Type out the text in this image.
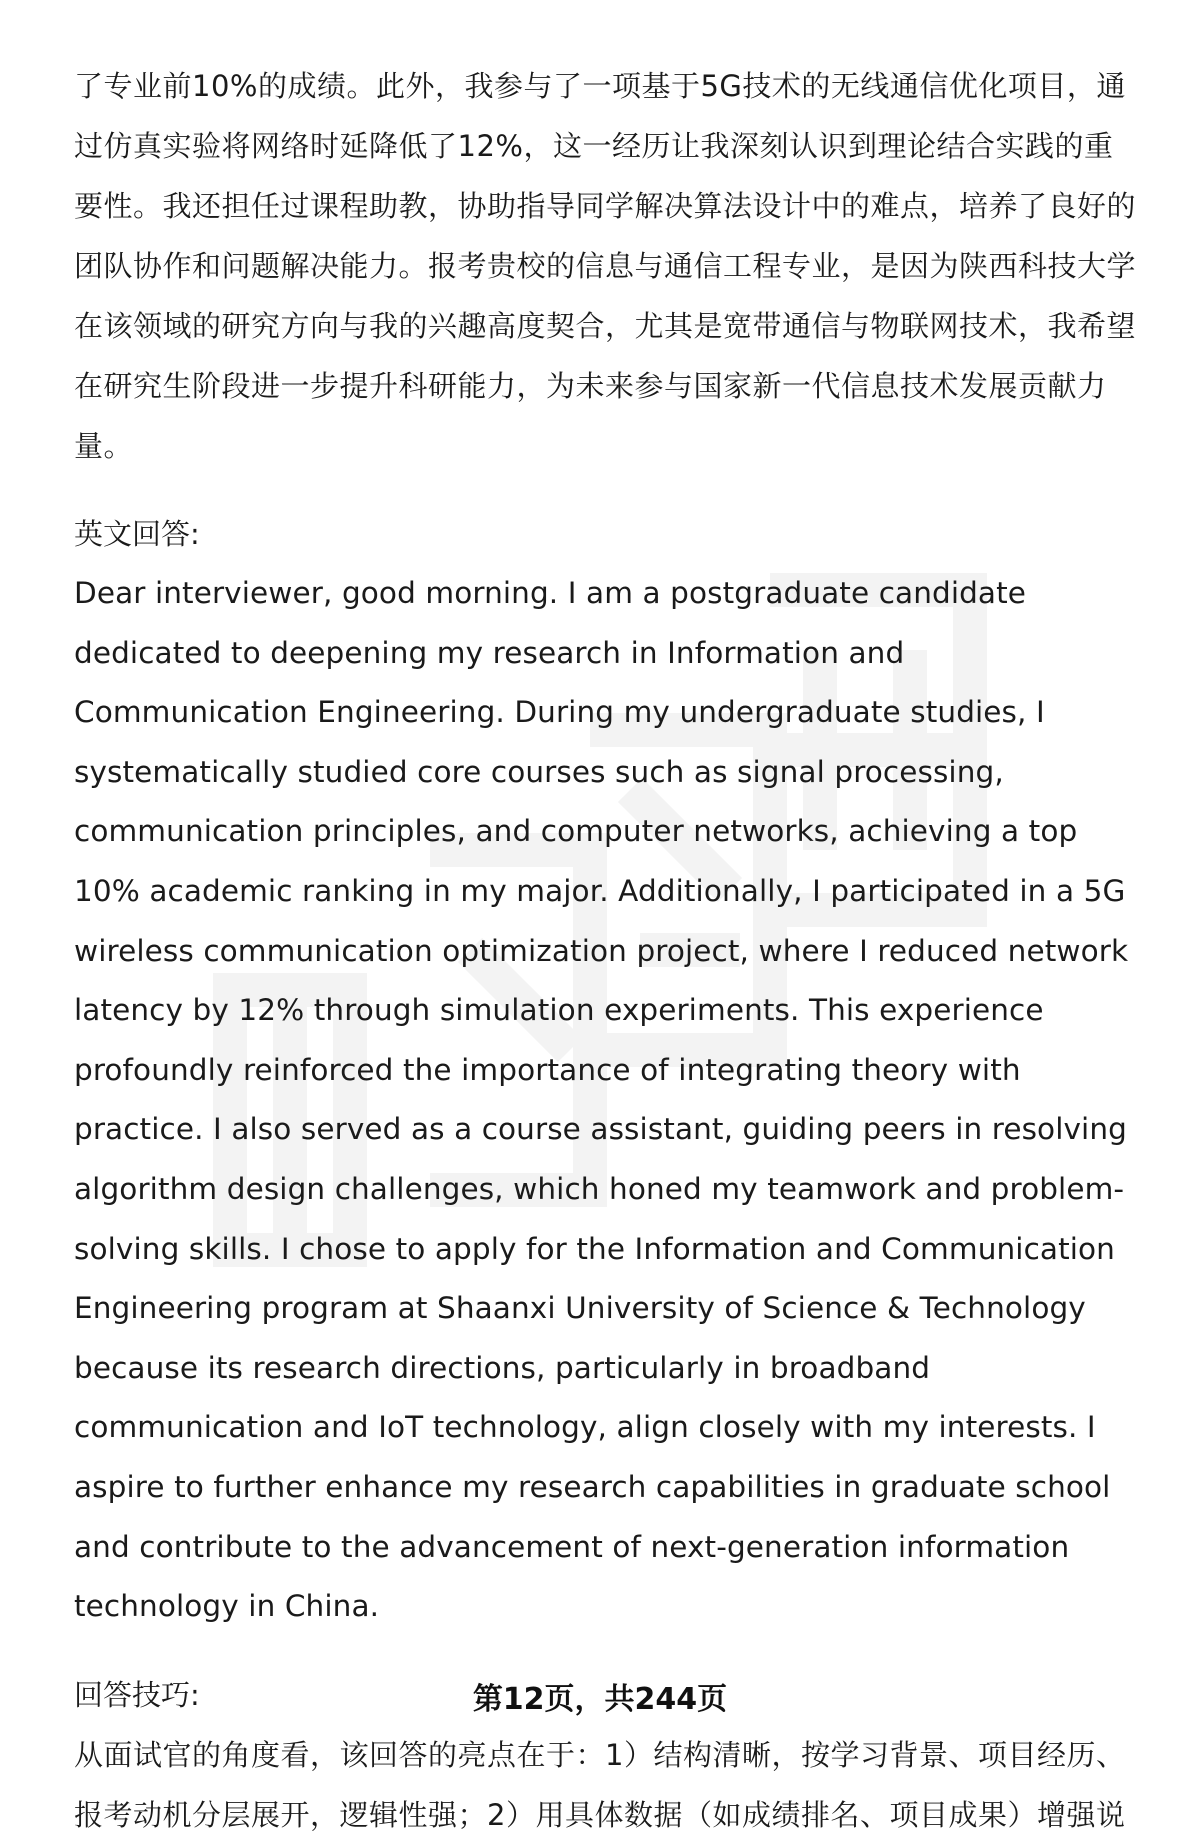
了专业前10%的成绩。此外，我参与了一项基于5G技术的无线通信优化项目，通过仿真实验将网络时延降低了12%，这一经历让我深刻认识到理论结合实践的重要性。我还担任过课程助教，协助指导同学解决算法设计中的难点，培养了良好的团队协作和问题解决能力。报考贵校的信息与通信工程专业，是因为陕西科技大学在该领域的研究方向与我的兴趣高度契合，尤其是宽带通信与物联网技术，我希望在研究生阶段进一步提升科研能力，为未来参与国家新一代信息技术发展贡献力量。

英文回答:

Dear interviewer, good morning. I am a postgraduate candidate dedicated to deepening my research in Information and Communication Engineering. During my undergraduate studies, I systematically studied core courses such as signal processing, communication principles, and computer networks, achieving a top 10% academic ranking in my major. Additionally, I participated in a 5G wireless communication optimization project, where I reduced network latency by 12% through simulation experiments. This experience profoundly reinforced the importance of integrating theory with practice. I also served as a course assistant, guiding peers in resolving algorithm design challenges, which honed my teamwork and problem-solving skills. I chose to apply for the Information and Communication Engineering program at Shaanxi University of Science & Technology because its research directions, particularly in broadband communication and IoT technology, align closely with my interests. I aspire to further enhance my research capabilities in graduate school and contribute to the advancement of next-generation information technology in China.

回答技巧:

从面试官的角度看，该回答的亮点在于：1）结构清晰，按学习背景、项目经历、报考动机分层展开，逻辑性强；2）用具体数据（如成绩排名、项目成果）增强说

第12页，共244页
